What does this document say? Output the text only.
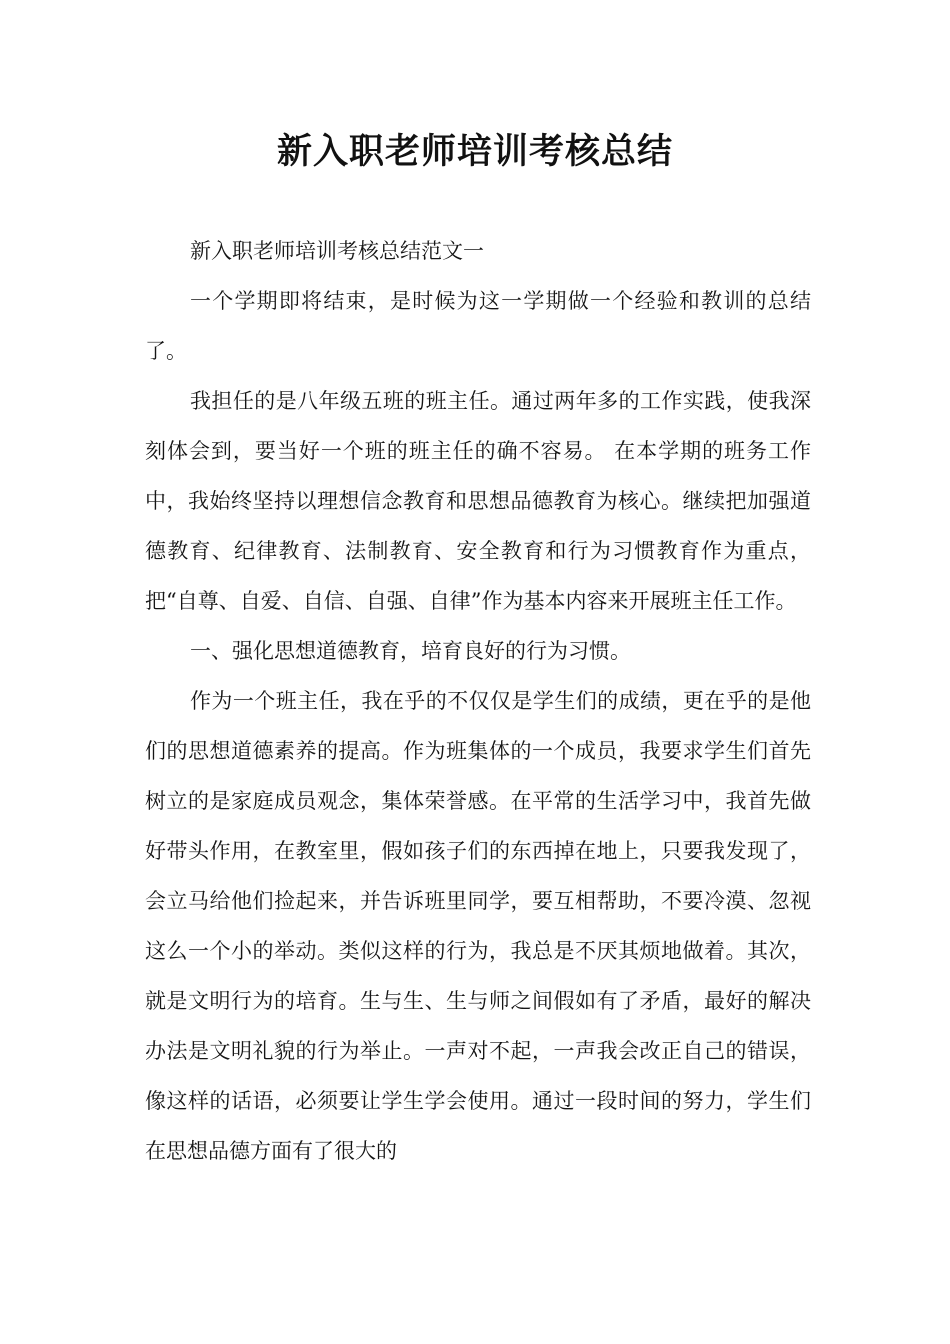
新入职老师培训考核总结

新入职老师培训考核总结范文一

一个学期即将结束，是时候为这一学期做一个经验和教训的总结了。

我担任的是八年级五班的班主任。通过两年多的工作实践，使我深刻体会到，要当好一个班的班主任的确不容易。 在本学期的班务工作中，我始终坚持以理想信念教育和思想品德教育为核心。继续把加强道德教育、纪律教育、法制教育、安全教育和行为习惯教育作为重点，把“自尊、自爱、自信、自强、自律”作为基本内容来开展班主任工作。

一、强化思想道德教育，培育良好的行为习惯。

作为一个班主任，我在乎的不仅仅是学生们的成绩，更在乎的是他们的思想道德素养的提高。作为班集体的一个成员，我要求学生们首先树立的是家庭成员观念，集体荣誉感。在平常的生活学习中，我首先做好带头作用，在教室里，假如孩子们的东西掉在地上，只要我发现了，会立马给他们捡起来，并告诉班里同学，要互相帮助，不要冷漠、忽视这么一个小的举动。类似这样的行为，我总是不厌其烦地做着。其次，就是文明行为的培育。生与生、生与师之间假如有了矛盾，最好的解决办法是文明礼貌的行为举止。一声对不起，一声我会改正自己的错误，像这样的话语，必须要让学生学会使用。通过一段时间的努力，学生们在思想品德方面有了很大的
